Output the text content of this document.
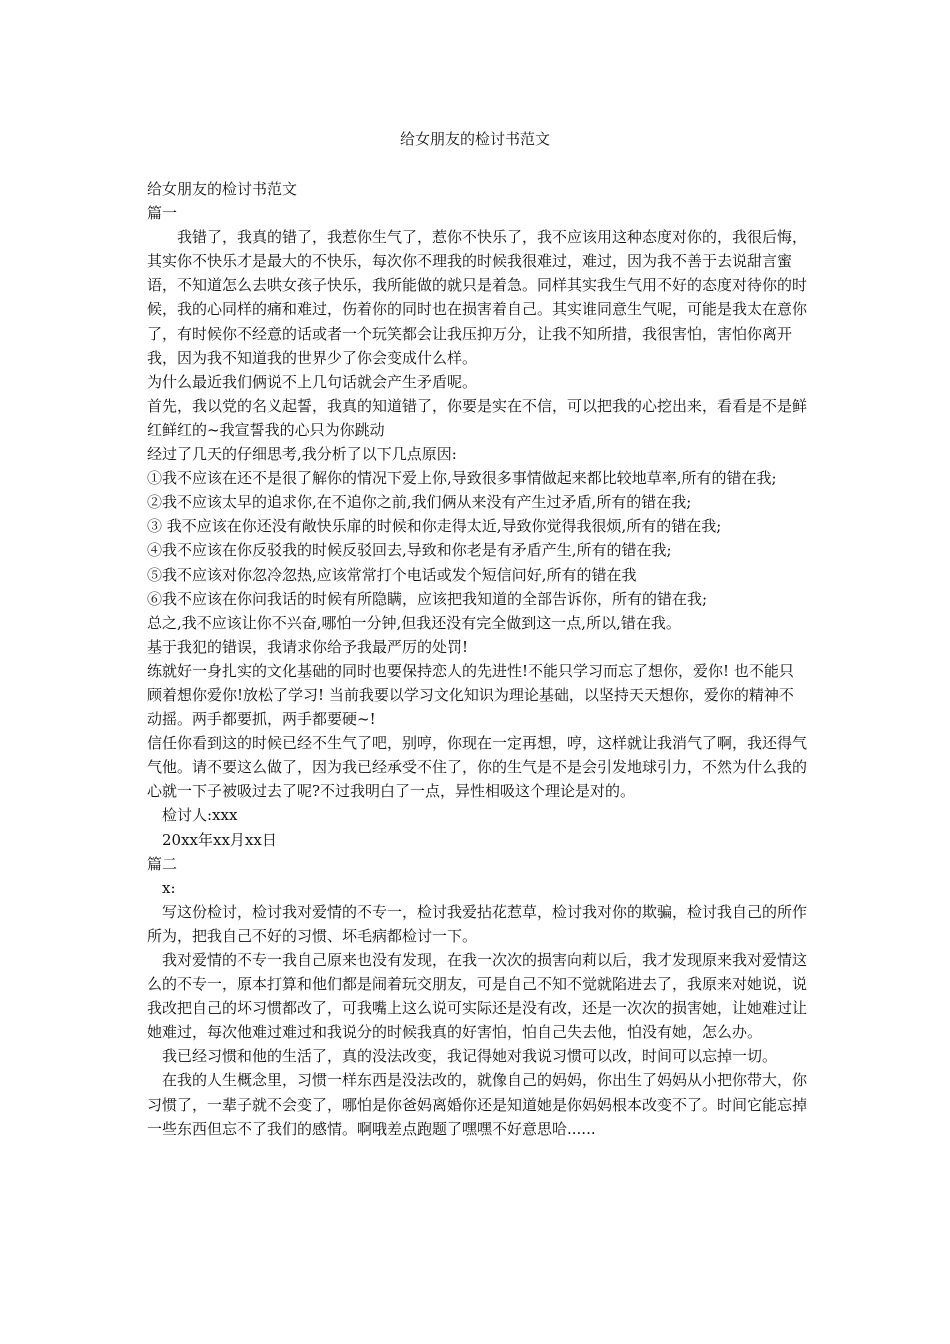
给女朋友的检讨书范文

给女朋友的检讨书范文

篇一

我错了，我真的错了，我惹你生气了，惹你不快乐了，我不应该用这种态度对你的，我很后悔，其实你不快乐才是最大的不快乐，每次你不理我的时候我很难过，难过，因为我不善于去说甜言蜜语，不知道怎么去哄女孩子快乐，我所能做的就只是着急。同样其实我生气用不好的态度对待你的时候，我的心同样的痛和难过，伤着你的同时也在损害着自己。其实谁同意生气呢，可能是我太在意你了，有时候你不经意的话或者一个玩笑都会让我压抑万分，让我不知所措，我很害怕，害怕你离开我，因为我不知道我的世界少了你会变成什么样。

为什么最近我们俩说不上几句话就会产生矛盾呢。

首先，我以党的名义起誓，我真的知道错了，你要是实在不信，可以把我的心挖出来，看看是不是鲜红鲜红的~我宣誓我的心只为你跳动

经过了几天的仔细思考,我分析了以下几点原因:

①我不应该在还不是很了解你的情况下爱上你,导致很多事情做起来都比较地草率,所有的错在我;

②我不应该太早的追求你,在不追你之前,我们俩从来没有产生过矛盾,所有的错在我;

③ 我不应该在你还没有敞快乐扉的时候和你走得太近,导致你觉得我很烦,所有的错在我;

④我不应该在你反驳我的时候反驳回去,导致和你老是有矛盾产生,所有的错在我;

⑤我不应该对你忽冷忽热,应该常常打个电话或发个短信问好,所有的错在我

⑥我不应该在你问我话的时候有所隐瞒，应该把我知道的全部告诉你，所有的错在我;

总之,我不应该让你不兴奋,哪怕一分钟,但我还没有完全做到这一点,所以,错在我。

基于我犯的错误，我请求你给予我最严厉的处罚!

练就好一身扎实的文化基础的同时也要保持恋人的先进性!不能只学习而忘了想你，爱你! 也不能只顾着想你爱你!放松了学习! 当前我要以学习文化知识为理论基础，以坚持天天想你，爱你的精神不动摇。两手都要抓，两手都要硬~!

信任你看到这的时候已经不生气了吧，别哼，你现在一定再想，哼，这样就让我消气了啊，我还得气气他。请不要这么做了，因为我已经承受不住了，你的生气是不是会引发地球引力，不然为什么我的心就一下子被吸过去了呢?不过我明白了一点，异性相吸这个理论是对的。

检讨人:xxx

20xx年xx月xx日

篇二

x:

写这份检讨，检讨我对爱情的不专一，检讨我爱拈花惹草，检讨我对你的欺骗，检讨我自己的所作所为，把我自己不好的习惯、坏毛病都检讨一下。

我对爱情的不专一我自己原来也没有发现，在我一次次的损害向莉以后，我才发现原来我对爱情这么的不专一，原本打算和他们都是闹着玩交朋友，可是自己不知不觉就陷进去了，我原来对她说，说我改把自己的坏习惯都改了，可我嘴上这么说可实际还是没有改，还是一次次的损害她，让她难过让她难过，每次他难过难过和我说分的时候我真的好害怕，怕自己失去他，怕没有她，怎么办。

我已经习惯和他的生活了，真的没法改变，我记得她对我说习惯可以改，时间可以忘掉一切。

在我的人生概念里，习惯一样东西是没法改的，就像自己的妈妈，你出生了妈妈从小把你带大，你习惯了，一辈子就不会变了，哪怕是你爸妈离婚你还是知道她是你妈妈根本改变不了。时间它能忘掉一些东西但忘不了我们的感情。啊哦差点跑题了嘿嘿不好意思哈......
